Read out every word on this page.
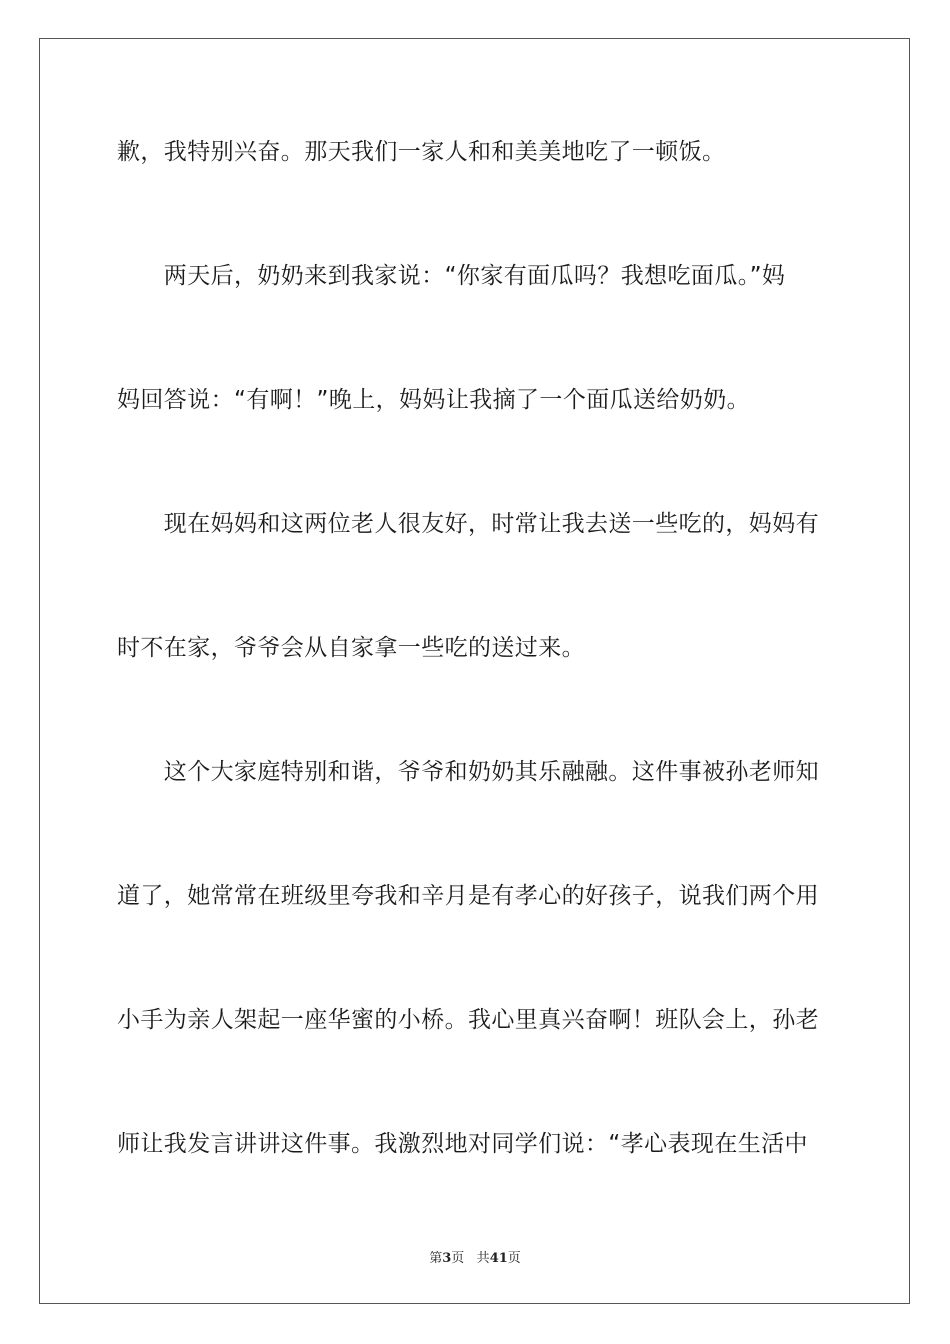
歉，我特别兴奋。那天我们一家人和和美美地吃了一顿饭。
　　两天后，奶奶来到我家说：“你家有面瓜吗？我想吃面瓜。”妈
妈回答说：“有啊！”晚上，妈妈让我摘了一个面瓜送给奶奶。
　　现在妈妈和这两位老人很友好，时常让我去送一些吃的，妈妈有
时不在家，爷爷会从自家拿一些吃的送过来。
　　这个大家庭特别和谐，爷爷和奶奶其乐融融。这件事被孙老师知
道了，她常常在班级里夸我和辛月是有孝心的好孩子，说我们两个用
小手为亲人架起一座华蜜的小桥。我心里真兴奋啊！班队会上，孙老
师让我发言讲讲这件事。我激烈地对同学们说：“孝心表现在生活中
第3页 共41页
